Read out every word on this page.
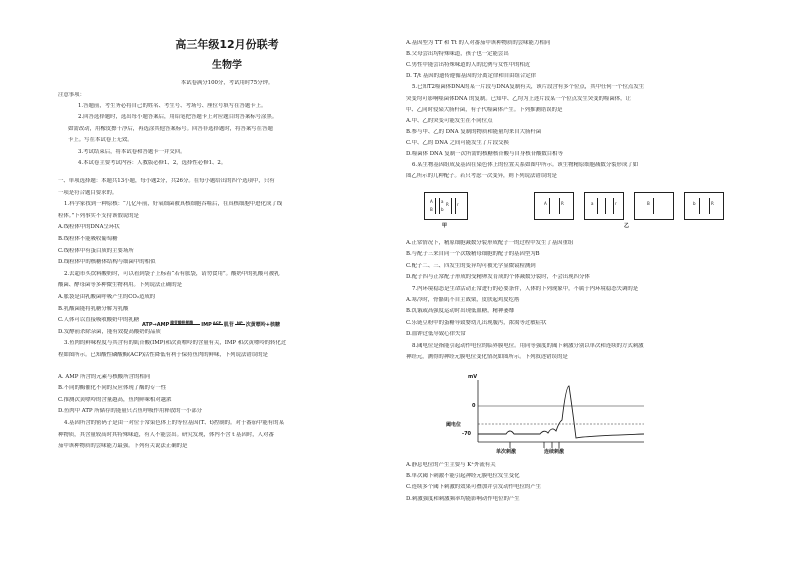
高三年级12月份联考
生物学
本试卷满分100分，考试用时75分钟。
注意事项：
1.答题前，考生务必将自己的姓名、考生号、考场号、座位号填写在答题卡上。
2.回答选择题时，选出每小题答案后，用铅笔把答题卡上对应题目的答案标号涂黑。
如需改动，用橡皮擦干净后，再选涂其他答案标号。回答非选择题时，将答案写在答题
卡上。写在本试卷上无效。
3.考试结束后，将本试卷和答题卡一并交回。
4.本试卷主要考试内容：人教版必修1、2，选择性必修1、2。
一、单项选择题：本题共13小题，每小题2分，共26分。在每小题给出的四个选项中，只有
一项是符合题目要求的。
1.科学家找到一种原核：“几亿年前，好氧细菌被真核细胞吞噬后，在真核细胞中进化成了线
粒体。”下列事实不支持该假说的是
A.线粒体中的DNA呈环状
B.线粒体不能吸收葡萄糖
C.线粒体中有蛋白质的主要场所
D.线粒体中的核糖体结构与细菌中的相似
2.去超市买饮料酸奶时，可以看到袋子上标着“若有胀袋，请勿食用”。酸奶中的乳酸可被乳
酸菌、酵母菌等多种微生物利用。下列说法正确的是
A.胀袋是由乳酸菌呼吸产生的CO₂造成的
B.乳酸菌能将乳糖分解为乳酸
C.人体可以直接吸收酸奶中的乳糖
D.发酵前杀除杂菌，能有效提高酸奶的品质
3.鱼肉的鲜味程度与其含有的肌苷酸(IMP)和次黄嘌呤的含量有关，IMP 和次黄嘌呤的转化过
程如图所示。已知酸性磷酸酶(ACP)活性降低有利于保持鱼肉的鲜味，下列说法错误的是
A. AMP 所含的元素与核酸所含的相同
B.不同的酶催化不同的反应体现了酶的专一性
C.推测次黄嘌呤的含量越高，鱼肉鲜味相对越浓
D.鱼肉中 ATP 所储存的能量只占鱼呼吸作用释放的一小部分
4.基因所含的密码子是由一对位于常染色体上的等位基因(T、t)控制的。对于番茄中能有的某
种物质，其含量较高时其特殊味道，有人不能尝出。研究发现，体内不含 t 基因时，人对番
茄中该种物质的尝味能力最强。下列有关说法正确的是
ATP→AMP 腺苷酸脱氨酶 IMP ACP 肌苷 NP 次黄嘌呤+核糖
A.基因型为 TT 和 Tt 的人对番茄中该种物质的尝味能力相同
B.父母尝出均特殊味道，孩子也一定能尝出
C.男性中能尝出特殊味道的人的比例与女性中的相近
D. T/t 基因的遗传遵循基因的分离定律和自由组合定律
5.已知T2噬菌体DNA的某一片段与DNA复制有关，该片段含有多个位点，其中任何一个位点发生
突变均可影响噬菌体DNA 的复制。已知甲、乙均为上述片段某一个位点发生突变的噬菌体，让
甲、乙同时侵染大肠杆菌，有子代噬菌体产生。下列推测错误的是
A.甲、乙的突变可能发生在不同位点
B.参与甲、乙的 DNA 复制的物质和能量均来自大肠杆菌
C.甲、乙的 DNA 之间可能发生了片段交换
D.噬菌体 DNA 复制一次所需的核糖核苷酸与自身核苷酸数目相等
6.某生物基因组成及基因在染色体上的位置关系如图甲所示。该生物精原细胞减数分裂形成了如
图乙所示的几种配子。若只考虑一次变异，则下列说法错误的是
A a
B b
R r
甲
A	R	a	r	B	b	R
乙
A.正常情况下，精原细胞减数分裂形成配子一的过程中发生了基因重组
B.与配子三来自同一个次级精母细胞的配子的基因型为B
C.配子二、三、四发生的变异均可被光学显微镜检测到
D.配子四与正常配子形成的受精卵发育成的个体减数分裂时，不会出现四分体
7.内环境稳态是生命活动正常进行的必要条件，人体的下列现象中，不属于内环境稳态失调的是
A.寒冷时，骨骼肌不自主战栗，皮肤起鸡皮疙瘩
B.饥饿或高强度运动时出现低血糖，精神萎靡
C.乐链豆粉中的蛋糖导致婴幼儿出现腹泻，浓渴等过敏症状
D.血钾过低导致心律失常
8.阈电位是指能引起动作电位的临界膜电位。用同等强度的阈下刺激分别以单次和连续的方式刺激
神经元，测得的神经元膜电位变化情况如图所示。下列叙述错误的是
mV
0
阈电位
-70
单次刺激	连续刺激
A.静息电位的产生主要与 K⁺外流有关
B.单次阈下刺激不能引起神经元膜电位发生变化
C.连续多个阈下刺激的效果可叠加并引发动作电位的产生
D.刺激强度和刺激频率均能影响动作电位的产生
